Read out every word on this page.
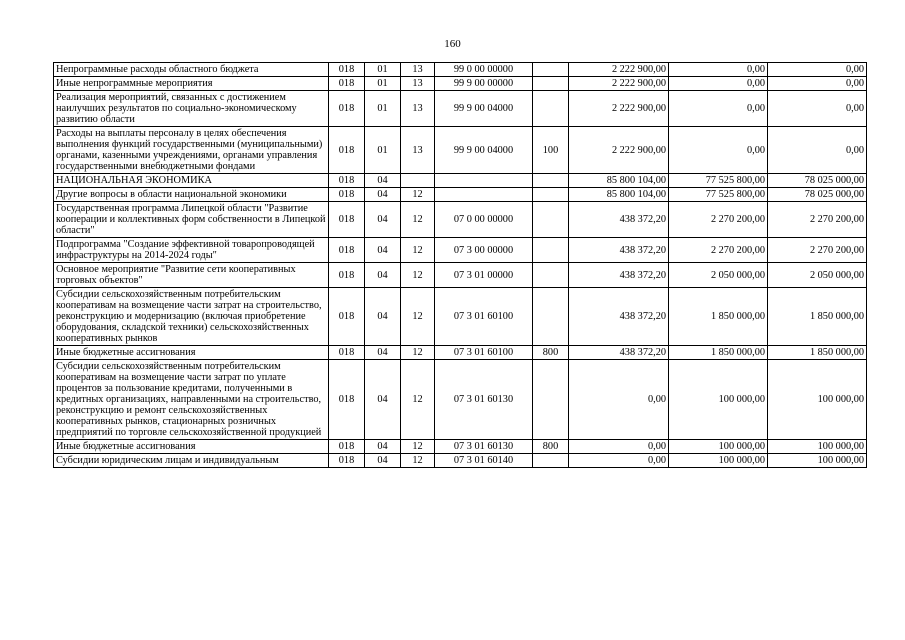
160
Непрограммные расходы областного бюджета	018	01	13	99 0 00 00000		2 222 900,00	0,00	0,00
Иные непрограммные мероприятия	018	01	13	99 9 00 00000		2 222 900,00	0,00	0,00
Реализация мероприятий, связанных с достижением наилучших результатов по социально-экономическому развитию области	018	01	13	99 9 00 04000		2 222 900,00	0,00	0,00
Расходы на выплаты персоналу в целях обеспечения выполнения функций государственными (муниципальными) органами, казенными учреждениями, органами управления государственными внебюджетными фондами	018	01	13	99 9 00 04000	100	2 222 900,00	0,00	0,00
НАЦИОНАЛЬНАЯ ЭКОНОМИКА	018	04				85 800 104,00	77 525 800,00	78 025 000,00
Другие вопросы в области национальной экономики	018	04	12			85 800 104,00	77 525 800,00	78 025 000,00
Государственная программа Липецкой области "Развитие кооперации и коллективных форм собственности в Липецкой области"	018	04	12	07 0 00 00000		438 372,20	2 270 200,00	2 270 200,00
Подпрограмма "Создание эффективной товаропроводящей инфраструктуры на 2014-2024 годы"	018	04	12	07 3 00 00000		438 372,20	2 270 200,00	2 270 200,00
Основное мероприятие "Развитие сети кооперативных торговых объектов"	018	04	12	07 3 01 00000		438 372,20	2 050 000,00	2 050 000,00
Субсидии сельскохозяйственным потребительским кооперативам на возмещение части затрат на строительство, реконструкцию и модернизацию (включая приобретение оборудования, складской техники) сельскохозяйственных кооперативных рынков	018	04	12	07 3 01 60100		438 372,20	1 850 000,00	1 850 000,00
Иные бюджетные ассигнования	018	04	12	07 3 01 60100	800	438 372,20	1 850 000,00	1 850 000,00
Субсидии сельскохозяйственным потребительским кооперативам на возмещение части затрат по уплате процентов за пользование кредитами, полученными в кредитных организациях, направленными на строительство, реконструкцию и ремонт сельскохозяйственных кооперативных рынков, стационарных розничных предприятий по торговле сельскохозяйственной продукцией	018	04	12	07 3 01 60130		0,00	100 000,00	100 000,00
Иные бюджетные ассигнования	018	04	12	07 3 01 60130	800	0,00	100 000,00	100 000,00
Субсидии юридическим лицам и индивидуальным	018	04	12	07 3 01 60140		0,00	100 000,00	100 000,00
